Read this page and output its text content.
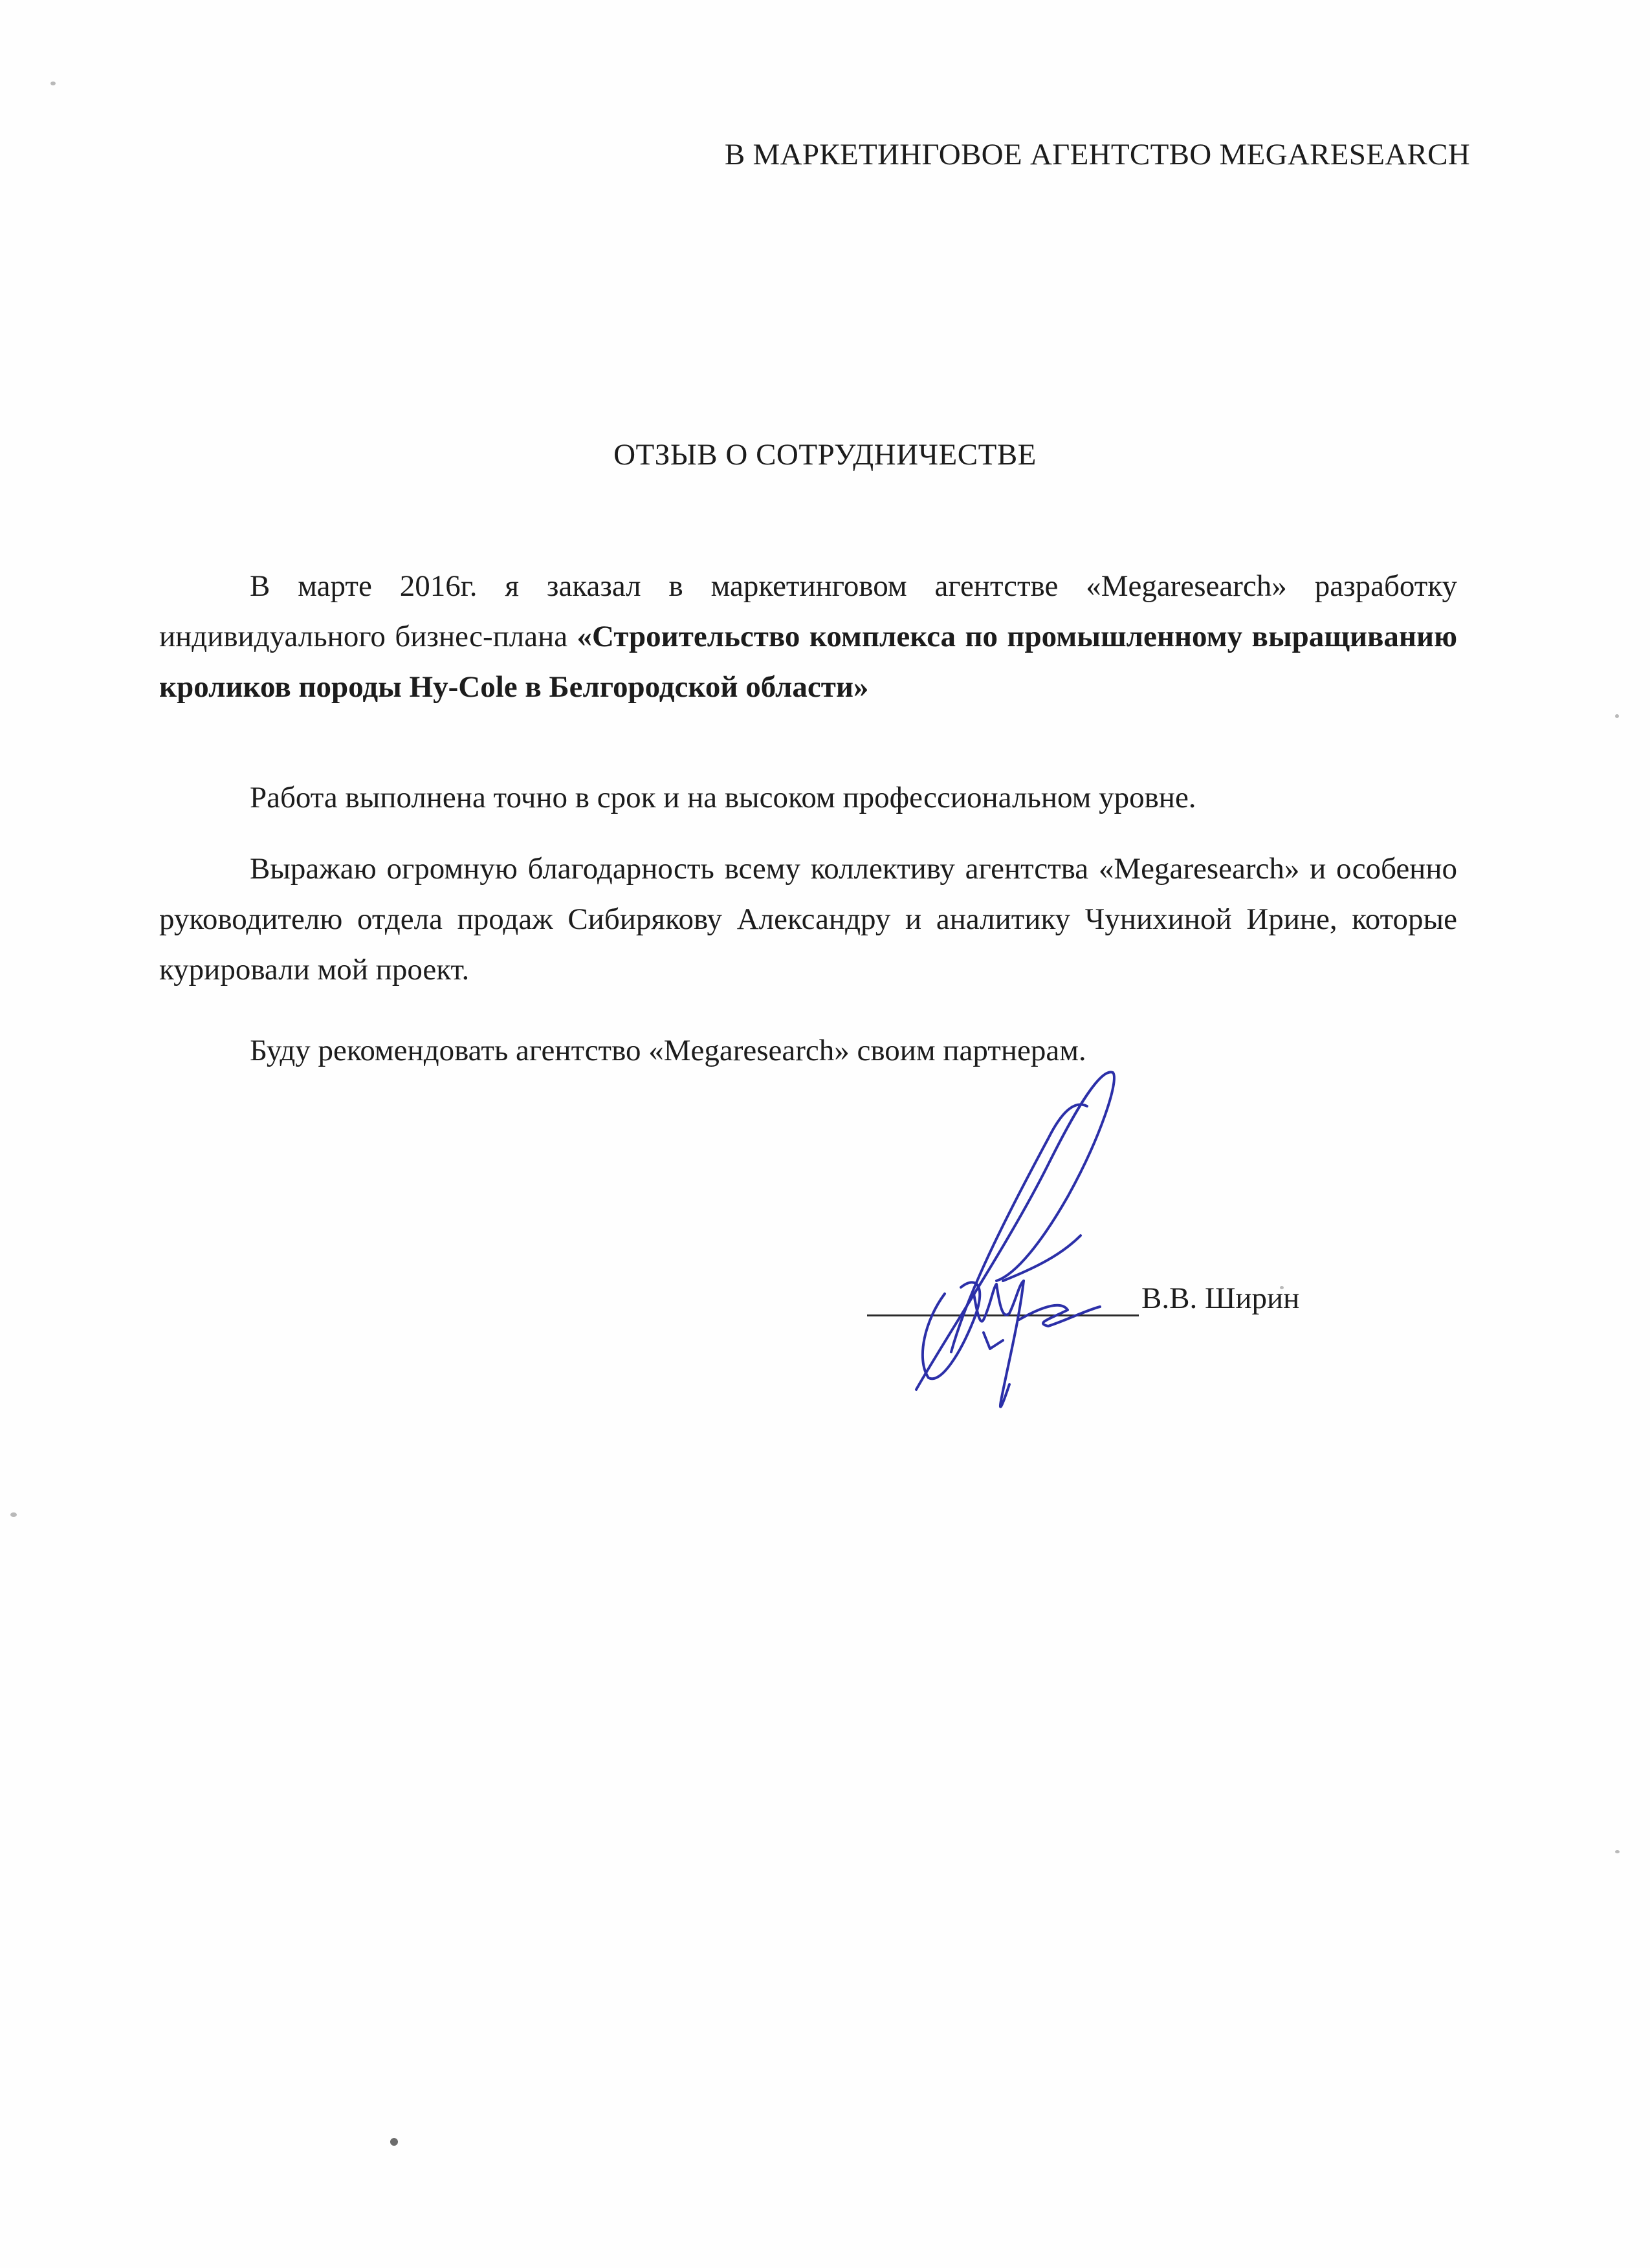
В МАРКЕТИНГОВОЕ АГЕНТСТВО MEGARESEARCH
ОТЗЫВ О СОТРУДНИЧЕСТВЕ

В марте 2016г. я заказал в маркетинговом агентстве «Megaresearch» разработку индивидуального бизнес-плана «Строительство комплекса по промышленному выращиванию кроликов породы Hy-Cole в Белгородской области»

Работа выполнена точно в срок и на высоком профессиональном уровне.

Выражаю огромную благодарность всему коллективу агентства «Megaresearch» и особенно руководителю отдела продаж Сибирякову Александру и аналитику Чунихиной Ирине, которые курировали мой проект.

Буду рекомендовать агентство «Megaresearch» своим партнерам.

В.В. Ширин
